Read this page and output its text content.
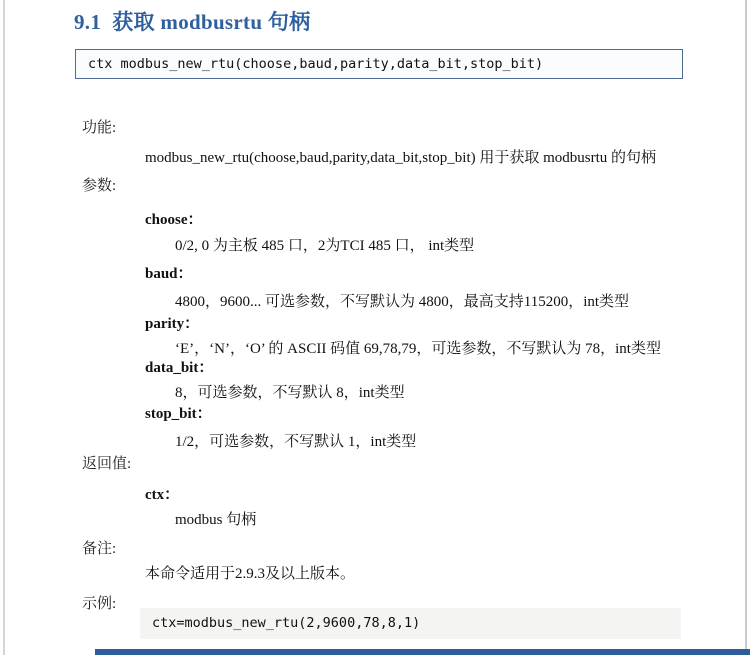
9.1  获取 modbusrtu 句柄
ctx modbus_new_rtu(choose,baud,parity,data_bit,stop_bit)
功能:
modbus_new_rtu(choose,baud,parity,data_bit,stop_bit) 用于获取 modbusrtu 的句柄
参数:
choose：
0/2, 0 为主板 485 口，2为TCI 485 口， int类型
baud：
4800，9600... 可选参数，不写默认为 4800，最高支持115200，int类型
parity：
‘E’，‘N’，‘O’ 的 ASCII 码值 69,78,79，可选参数，不写默认为 78，int类型
data_bit：
8，可选参数，不写默认 8，int类型
stop_bit：
1/2，可选参数，不写默认 1，int类型
返回值:
ctx：
modbus 句柄
备注:
本命令适用于2.9.3及以上版本。
示例:
ctx=modbus_new_rtu(2,9600,78,8,1)
